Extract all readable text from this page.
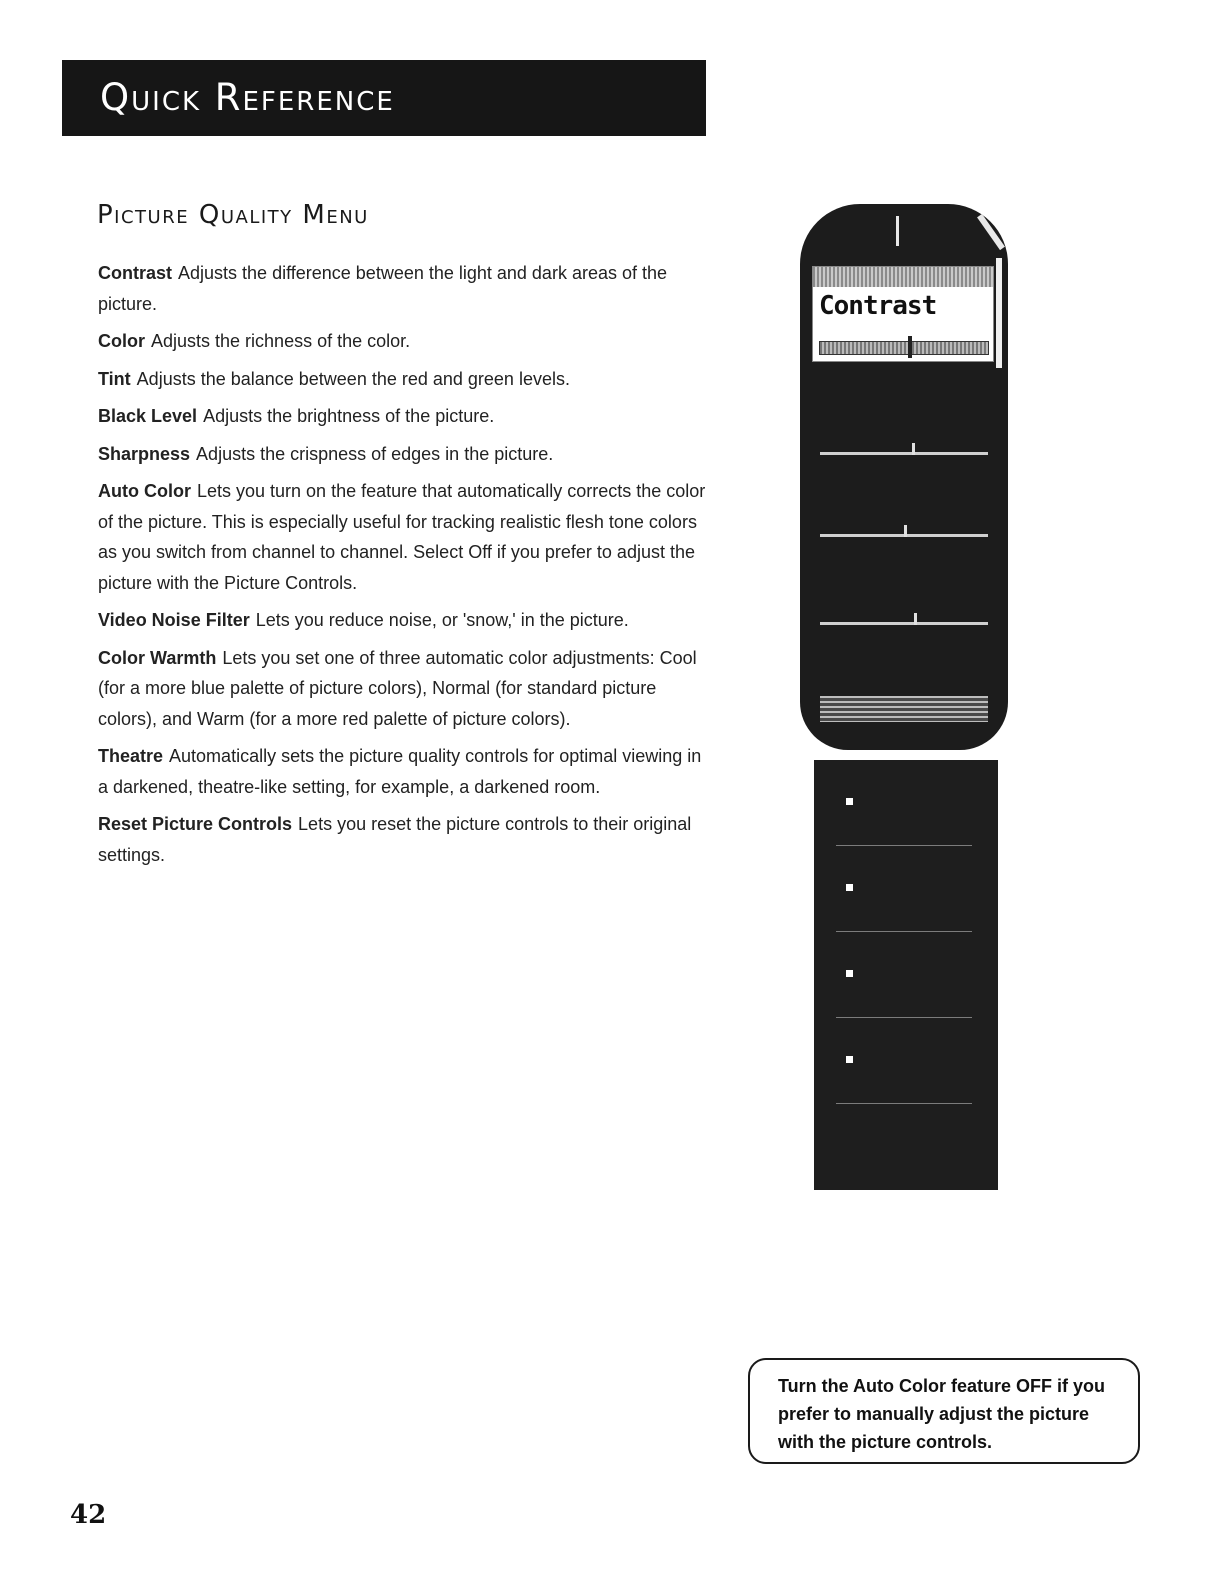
Quick Reference
Picture Quality Menu

Contrast Adjusts the difference between the light and dark areas of the picture.

Color Adjusts the richness of the color.

Tint Adjusts the balance between the red and green levels.

Black Level Adjusts the brightness of the picture.

Sharpness Adjusts the crispness of edges in the picture.

Auto Color Lets you turn on the feature that automatically corrects the color of the picture. This is especially useful for tracking realistic flesh tone colors as you switch from channel to channel. Select Off if you prefer to adjust the picture with the Picture Controls.

Video Noise Filter Lets you reduce noise, or 'snow,' in the picture.

Color Warmth Lets you set one of three automatic color adjustments: Cool (for a more blue palette of picture colors), Normal (for standard picture colors), and Warm (for a more red palette of picture colors).

Theatre Automatically sets the picture quality controls for optimal viewing in a darkened, theatre-like setting, for example, a darkened room.

Reset Picture Controls Lets you reset the picture controls to their original settings.

Contrast
Turn the Auto Color feature OFF if you prefer to manually adjust the picture with the picture controls.
42
